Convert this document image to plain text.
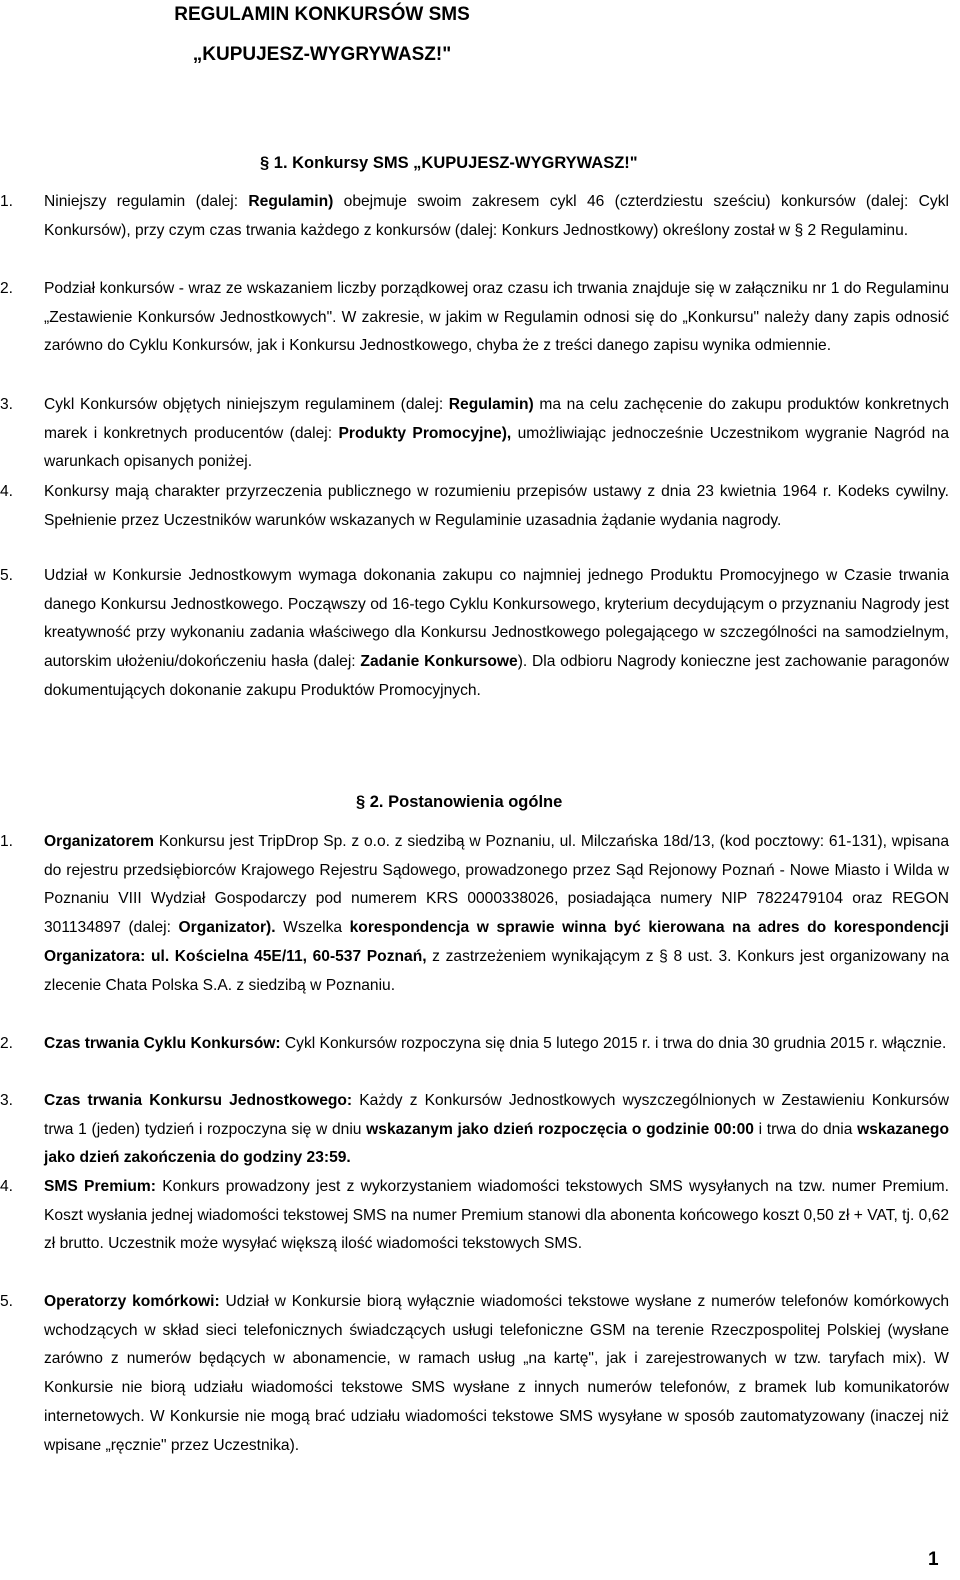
REGULAMIN KONKURSÓW SMS
„KUPUJESZ-WYGRYWASZ!"
§ 1. Konkursy SMS „KUPUJESZ-WYGRYWASZ!"
1.	Niniejszy regulamin (dalej: Regulamin) obejmuje swoim zakresem cykl 46 (czterdziestu sześciu) konkursów (dalej: Cykl Konkursów), przy czym czas trwania każdego z konkursów (dalej: Konkurs Jednostkowy) określony został w § 2 Regulaminu.
2.	Podział konkursów - wraz ze wskazaniem liczby porządkowej oraz czasu ich trwania znajduje się w załączniku nr 1 do Regulaminu „Zestawienie Konkursów Jednostkowych". W zakresie, w jakim w Regulamin odnosi się do „Konkursu" należy dany zapis odnosić zarówno do Cyklu Konkursów, jak i Konkursu Jednostkowego, chyba że z treści danego zapisu wynika odmiennie.
3.	Cykl Konkursów objętych niniejszym regulaminem (dalej: Regulamin) ma na celu zachęcenie do zakupu produktów konkretnych marek i konkretnych producentów (dalej: Produkty Promocyjne), umożliwiając jednocześnie Uczestnikom wygranie Nagród na warunkach opisanych poniżej.
4.	Konkursy mają charakter przyrzeczenia publicznego w rozumieniu przepisów ustawy z dnia 23 kwietnia 1964 r. Kodeks cywilny. Spełnienie przez Uczestników warunków wskazanych w Regulaminie uzasadnia żądanie wydania nagrody.
5.	Udział w Konkursie Jednostkowym wymaga dokonania zakupu co najmniej jednego Produktu Promocyjnego w Czasie trwania danego Konkursu Jednostkowego. Począwszy od 16-tego Cyklu Konkursowego, kryterium decydującym o przyznaniu Nagrody jest kreatywność przy wykonaniu zadania właściwego dla Konkursu Jednostkowego polegającego w szczególności na samodzielnym, autorskim ułożeniu/dokończeniu hasła (dalej: Zadanie Konkursowe). Dla odbioru Nagrody konieczne jest zachowanie paragonów dokumentujących dokonanie zakupu Produktów Promocyjnych.
§ 2. Postanowienia ogólne
1.	Organizatorem Konkursu jest TripDrop Sp. z o.o. z siedzibą w Poznaniu, ul. Milczańska 18d/13, (kod pocztowy: 61-131), wpisana do rejestru przedsiębiorców Krajowego Rejestru Sądowego, prowadzonego przez Sąd Rejonowy Poznań - Nowe Miasto i Wilda w Poznaniu VIII Wydział Gospodarczy pod numerem KRS 0000338026, posiadająca numery NIP 7822479104 oraz REGON 301134897 (dalej: Organizator). Wszelka korespondencja w sprawie winna być kierowana na adres do korespondencji Organizatora: ul. Kościelna 45E/11, 60-537 Poznań, z zastrzeżeniem wynikającym z § 8 ust. 3. Konkurs jest organizowany na zlecenie Chata Polska S.A. z siedzibą w Poznaniu.
2.	Czas trwania Cyklu Konkursów: Cykl Konkursów rozpoczyna się dnia 5 lutego 2015 r. i trwa do dnia 30 grudnia 2015 r. włącznie.
3.	Czas trwania Konkursu Jednostkowego: Każdy z Konkursów Jednostkowych wyszczególnionych w Zestawieniu Konkursów trwa 1 (jeden) tydzień i rozpoczyna się w dniu wskazanym jako dzień rozpoczęcia o godzinie 00:00 i trwa do dnia wskazanego jako dzień zakończenia do godziny 23:59.
4.	SMS Premium: Konkurs prowadzony jest z wykorzystaniem wiadomości tekstowych SMS wysyłanych na tzw. numer Premium. Koszt wysłania jednej wiadomości tekstowej SMS na numer Premium stanowi dla abonenta końcowego koszt 0,50 zł + VAT, tj. 0,62 zł brutto. Uczestnik może wysyłać większą ilość wiadomości tekstowych SMS.
5.	Operatorzy komórkowi: Udział w Konkursie biorą wyłącznie wiadomości tekstowe wysłane z numerów telefonów komórkowych wchodzących w skład sieci telefonicznych świadczących usługi telefoniczne GSM na terenie Rzeczpospolitej Polskiej (wysłane zarówno z numerów będących w abonamencie, w ramach usług „na kartę", jak i zarejestrowanych w tzw. taryfach mix). W Konkursie nie biorą udziału wiadomości tekstowe SMS wysłane z innych numerów telefonów, z bramek lub komunikatorów internetowych. W Konkursie nie mogą brać udziału wiadomości tekstowe SMS wysyłane w sposób zautomatyzowany (inaczej niż wpisane „ręcznie" przez Uczestnika).
1
